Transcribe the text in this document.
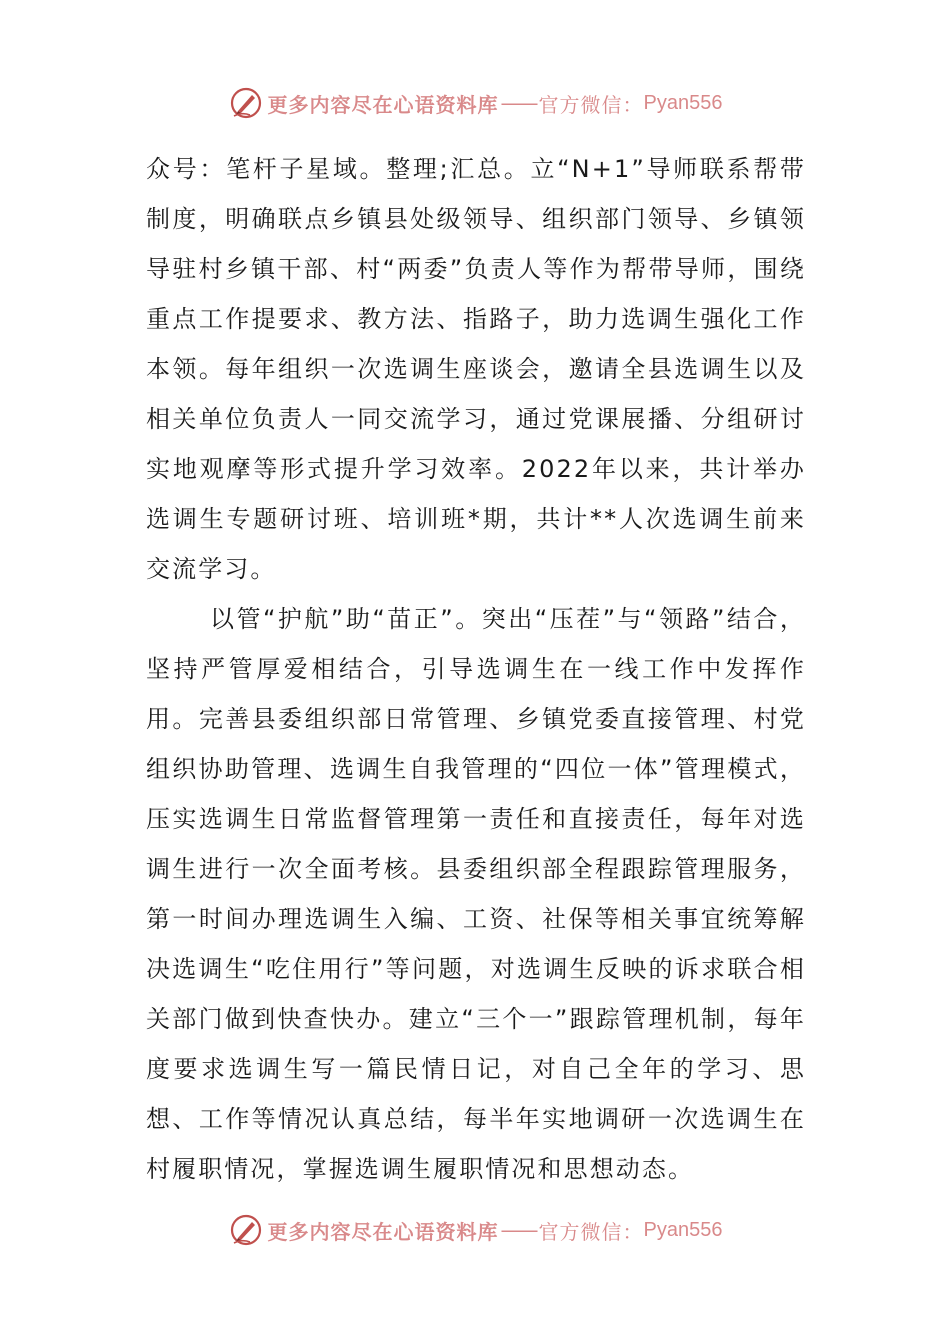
更多内容尽在心语资料库 —— 官方微信： Pyan556

众号：笔杆子星域。整理;汇总。立“N+1”导师联系帮带制度，明确联点乡镇县处级领导、组织部门领导、乡镇领导驻村乡镇干部、村“两委”负责人等作为帮带导师，围绕重点工作提要求、教方法、指路子，助力选调生强化工作本领。每年组织一次选调生座谈会，邀请全县选调生以及相关单位负责人一同交流学习，通过党课展播、分组研讨实地观摩等形式提升学习效率。2022年以来，共计举办选调生专题研讨班、培训班*期，共计**人次选调生前来交流学习。

以管“护航”助“苗正”。突出“压茬”与“领路”结合，坚持严管厚爱相结合，引导选调生在一线工作中发挥作用。完善县委组织部日常管理、乡镇党委直接管理、村党组织协助管理、选调生自我管理的“四位一体”管理模式，压实选调生日常监督管理第一责任和直接责任，每年对选调生进行一次全面考核。县委组织部全程跟踪管理服务，第一时间办理选调生入编、工资、社保等相关事宜统筹解决选调生“吃住用行”等问题，对选调生反映的诉求联合相关部门做到快查快办。建立“三个一”跟踪管理机制，每年度要求选调生写一篇民情日记，对自己全年的学习、思想、工作等情况认真总结，每半年实地调研一次选调生在村履职情况，掌握选调生履职情况和思想动态。

更多内容尽在心语资料库 —— 官方微信： Pyan556
